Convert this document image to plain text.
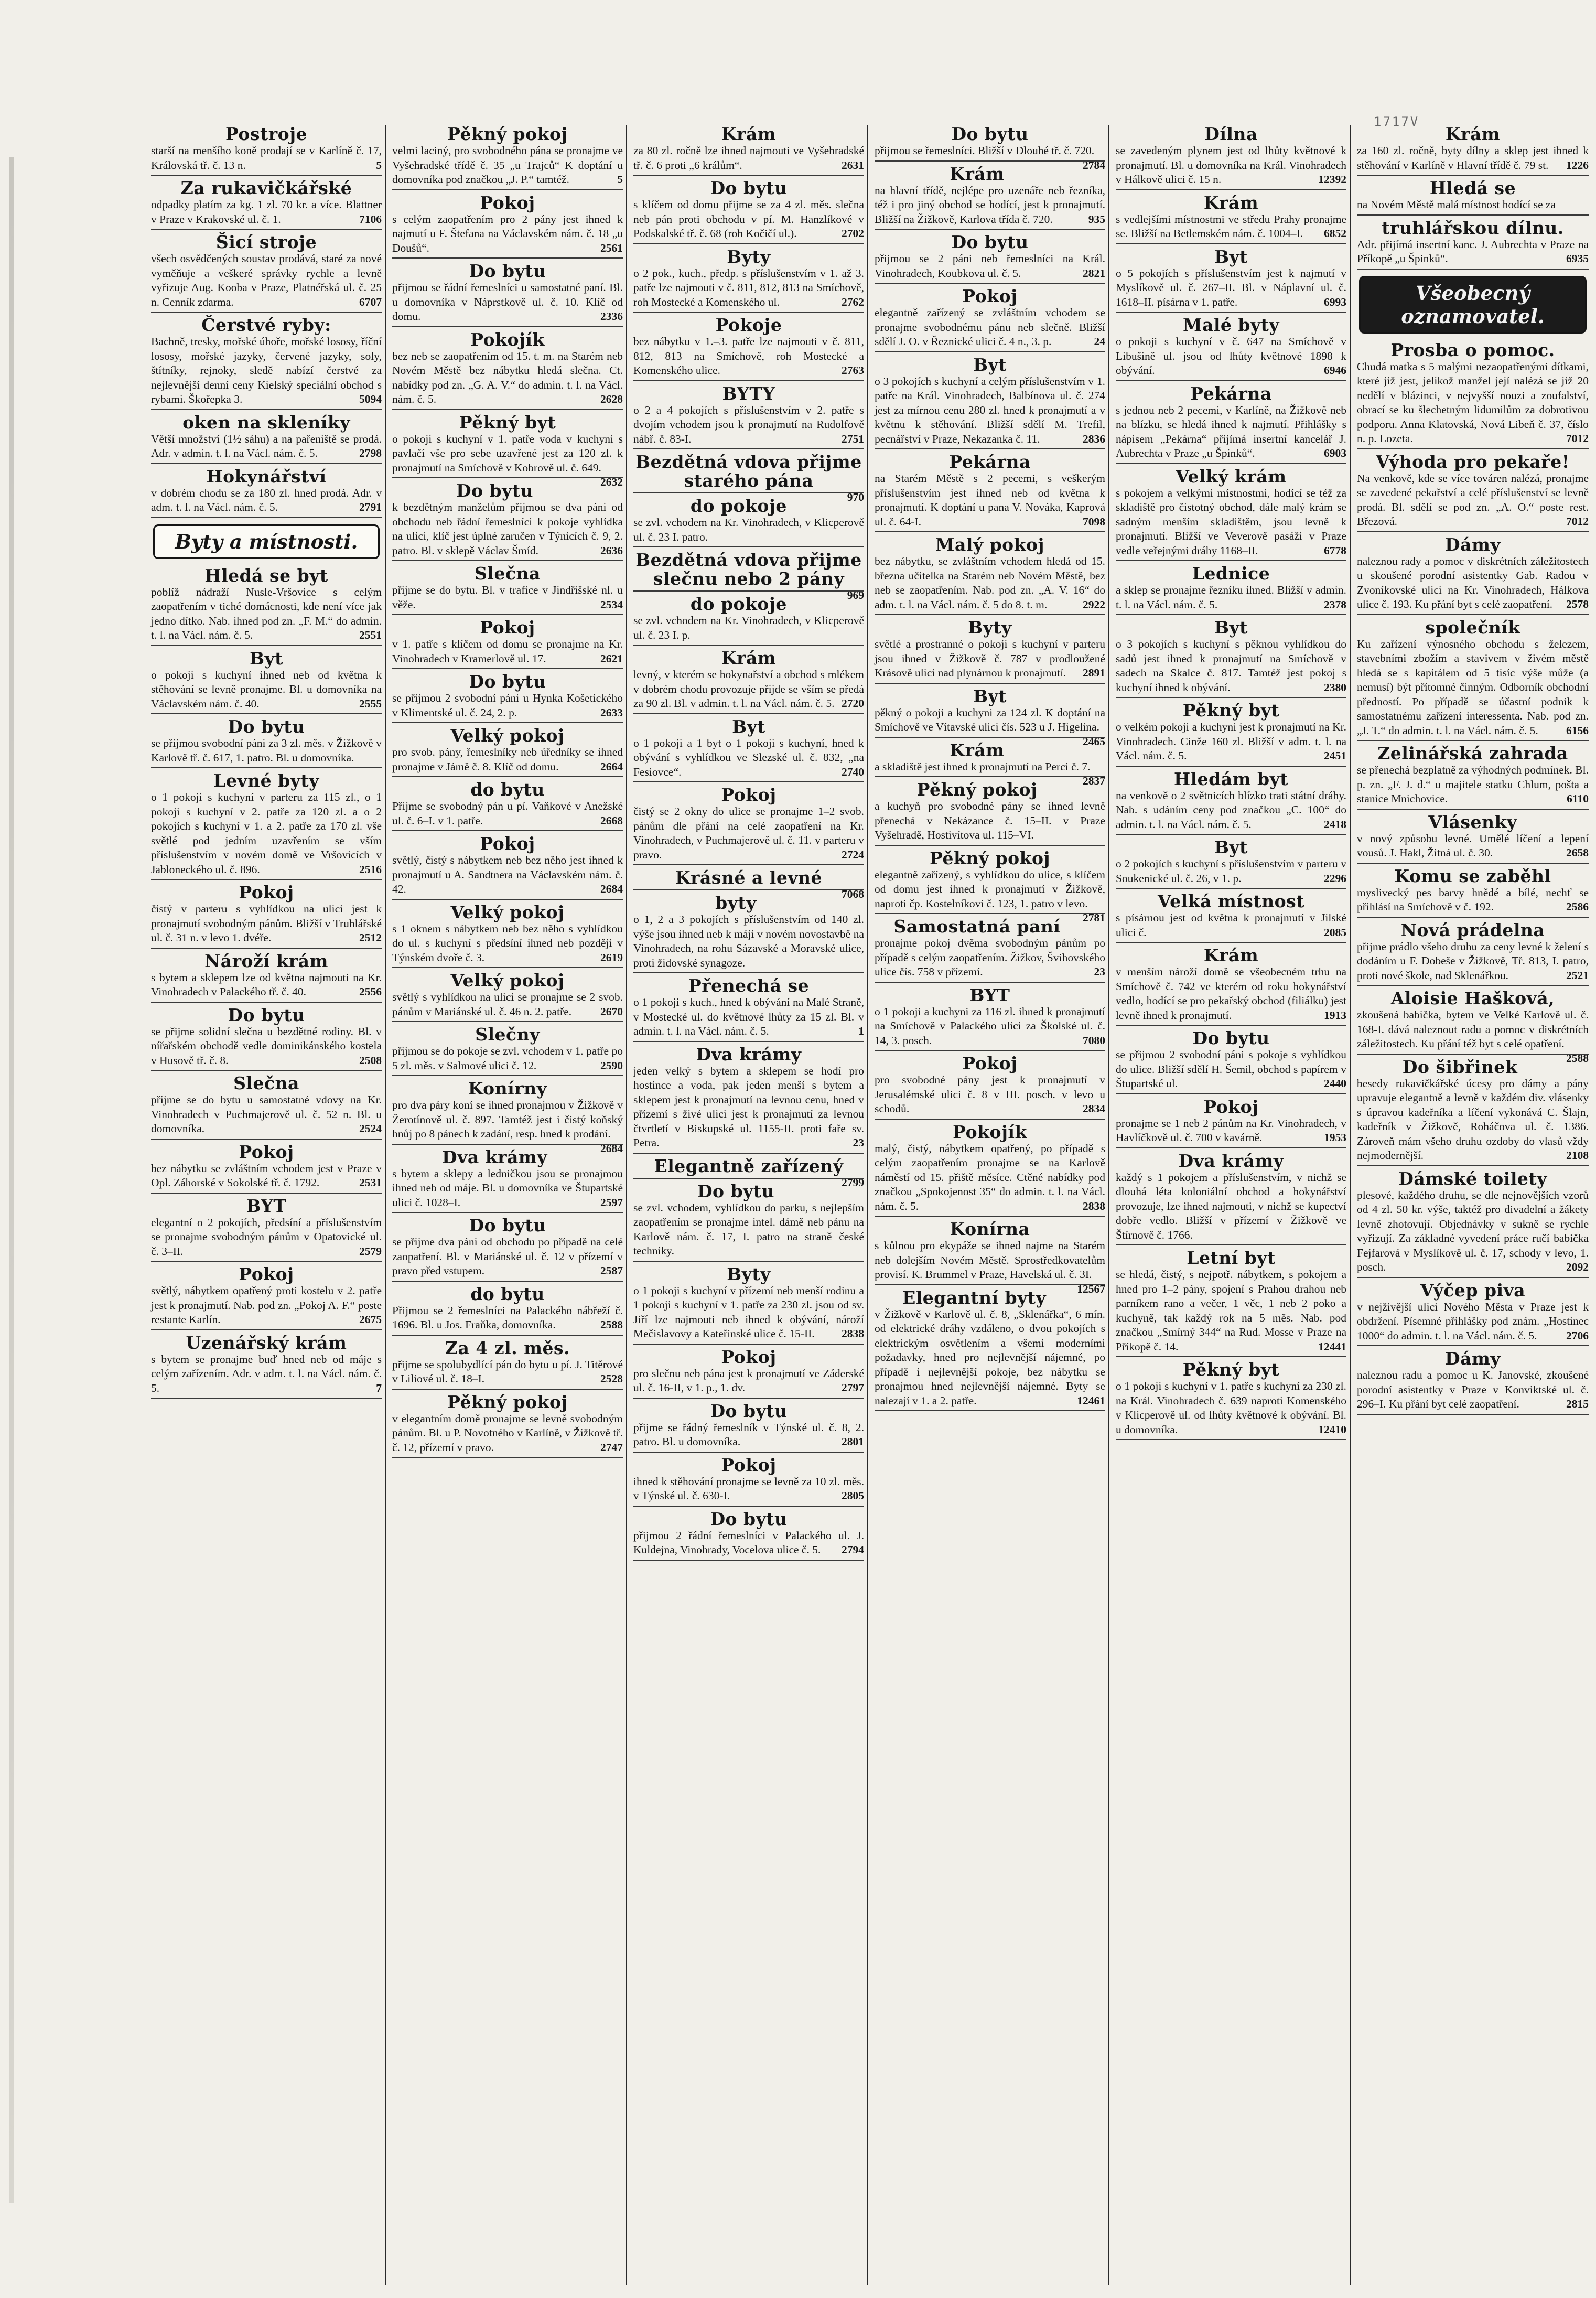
1717V
Postroje

starší na menšího koně prodají se v Karlíně č. 17, Královská tř. č. 13 n.	5

Za rukavičkářské

odpadky platím za kg. 1 zl. 70 kr. a více. Blattner v Praze v Krakovské ul. č. 1.	7106

Šicí stroje

všech osvědčených soustav prodává, staré za nové vyměňuje a veškeré správky rychle a levně vyřizuje Aug. Kooba v Praze, Platnéřská ul. č. 25 n. Cenník zdarma.	6707

Čerstvé ryby:

Bachně, tresky, mořské úhoře, mořské lososy, říční lososy, mořské jazyky, červené jazyky, soly, štítníky, rejnoky, sledě nabízí čerstvé za nejlevnější denní ceny Kielský speciální obchod s rybami. Škořepka 3.	5094

oken na skleníky

Větší množství (1½ sáhu) a na pařeniště se prodá. Adr. v admin. t. l. na Václ. nám. č. 5.	2798

Hokynářství

v dobrém chodu se za 180 zl. hned prodá. Adr. v adm. t. l. na Václ. nám. č. 5.	2791

Byty a místnosti.
Hledá se byt

poblíž nádraží Nusle-Vršovice s celým zaopatřením v tiché domácnosti, kde není více jak jedno dítko. Nab. ihned pod zn. „F. M.“ do admin. t. l. na Václ. nám. č. 5.	2551

Byt

o pokoji s kuchyní ihned neb od května k stěhování se levně pronajme. Bl. u domovníka na Václavském nám. č. 40.	2555

Do bytu

se přijmou svobodní páni za 3 zl. měs. v Žižkově v Karlově tř. č. 617, 1. patro. Bl. u domovníka.

Levné byty

o 1 pokoji s kuchyní v parteru za 115 zl., o 1 pokoji s kuchyní v 2. patře za 120 zl. a o 2 pokojích s kuchyní v 1. a 2. patře za 170 zl. vše světlé pod jedním uzavřením se vším příslušenstvím v novém domě ve Vršovicích v Jabloneckého ul. č. 896.	2516

Pokoj

čistý v parteru s vyhlídkou na ulici jest k pronajmutí svobodným pánům. Bližší v Truhlářské ul. č. 31 n. v levo 1. dvéře.	2512

Nároží krám

s bytem a sklepem lze od května najmouti na Kr. Vinohradech v Palackého tř. č. 40.	2556

Do bytu

se přijme solidní slečna u bezdětné rodiny. Bl. v nířařském obchodě vedle dominikánského kostela v Husově tř. č. 8.	2508

Slečna

přijme se do bytu u samostatné vdovy na Kr. Vinohradech v Puchmajerově ul. č. 52 n. Bl. u domovníka.	2524

Pokoj

bez nábytku se zvláštním vchodem jest v Praze v Opl. Záhorské v Sokolské tř. č. 1792.	2531

BYT

elegantní o 2 pokojích, předsíní a příslušenstvím se pronajme svobodným pánům v Opatovické ul. č. 3–II.	2579

Pokoj

světlý, nábytkem opatřený proti kostelu v 2. patře jest k pronajmutí. Nab. pod zn. „Pokoj A. F.“ poste restante Karlín.	2675

Uzenářský krám

s bytem se pronajme buď hned neb od máje s celým zařízením. Adr. v adm. t. l. na Václ. nám. č. 5.	7

Pěkný pokoj

velmi laciný, pro svobodného pána se pronajme ve Vyšehradské třídě č. 35 „u Trajců“ K doptání u domovníka pod značkou „J. P.“ tamtéž.	5

Pokoj

s celým zaopatřením pro 2 pány jest ihned k najmutí u F. Štefana na Václavském nám. č. 18 „u Doušů“.	2561

Do bytu

přijmou se řádní řemeslníci u samostatné paní. Bl. u domovníka v Náprstkově ul. č. 10. Klíč od domu.	2336

Pokojík

bez neb se zaopatřením od 15. t. m. na Starém neb Novém Městě bez nábytku hledá slečna. Ct. nabídky pod zn. „G. A. V.“ do admin. t. l. na Václ. nám. č. 5.	2628

Pěkný byt

o pokoji s kuchyní v 1. patře voda v kuchyni s pavlačí vše pro sebe uzavřené jest za 120 zl. k pronajmutí na Smíchově v Kobrově ul. č. 649.
2632

Do bytu

k bezdětným manželům přijmou se dva páni od obchodu neb řádní řemeslníci k pokoje vyhlídka na ulici, klíč jest úplné zaručen v Týnicích č. 9, 2. patro. Bl. v sklepě Václav Šmíd.	2636

Slečna

přijme se do bytu. Bl. v trafice v Jindřišské nl. u věže.	2534

Pokoj

v 1. patře s klíčem od domu se pronajme na Kr. Vinohradech v Kramerlově ul. 17.	2621

Do bytu

se přijmou 2 svobodní páni u Hynka Košetického v Klimentské ul. č. 24, 2. p.	2633

Velký pokoj

pro svob. pány, řemeslníky neb úředníky se ihned pronajme v Jámě č. 8. Klíč od domu.	2664

do bytu

Přijme se svobodný pán u pí. Vaňkové v Anežské ul. č. 6–I. v 1. patře.	2668

Pokoj

světlý, čistý s nábytkem neb bez něho jest ihned k pronajmutí u A. Sandtnera na Václavském nám. č. 42.	2684

Velký pokoj

s 1 oknem s nábytkem neb bez něho s vyhlídkou do ul. s kuchyní s předsíní ihned neb později v Týnském dvoře č. 3.	2619

Velký pokoj

světlý s vyhlídkou na ulici se pronajme se 2 svob. pánům v Mariánské ul. č. 46 n. 2. patře.	2670

Slečny

přijmou se do pokoje se zvl. vchodem v 1. patře po 5 zl. měs. v Salmové ulici č. 12.	2590

Konírny

pro dva páry koní se ihned pronajmou v Žižkově v Žerotínově ul. č. 897. Tamtéž jest i čistý koňský hnůj po 8 pánech k zadání, resp. hned k prodání.
2684

Dva krámy

s bytem a sklepy a ledničkou jsou se pronajmou ihned neb od máje. Bl. u domovníka ve Štupartské ulici č. 1028–I.	2597

Do bytu

se přijme dva páni od obchodu po případě na celé zaopatření. Bl. v Mariánské ul. č. 12 v přízemí v pravo před vstupem.	2587

do bytu

Přijmou se 2 řemeslníci na Palackého nábřeží č. 1696. Bl. u Jos. Fraňka, domovníka.	2588

Za 4 zl. měs.

přijme se spolubydlící pán do bytu u pí. J. Titěrové v Liliové ul. č. 18–I.	2528

Pěkný pokoj

v elegantním domě pronajme se levně svobodným pánům. Bl. u P. Novotného v Karlíně, v Žižkově tř. č. 12, přízemí v pravo.	2747

Krám

za 80 zl. ročně lze ihned najmouti ve Vyšehradské tř. č. 6 proti „6 králům“.	2631

Do bytu

s klíčem od domu přijme se za 4 zl. měs. slečna neb pán proti obchodu v pí. M. Hanzlíkové v Podskalské tř. č. 68 (roh Kočičí ul.).	2702

Byty

o 2 pok., kuch., předp. s příslušenstvím v 1. až 3. patře lze najmouti v č. 811, 812, 813 na Smíchově, roh Mostecké a Komenského ul.	2762

Pokoje

bez nábytku v 1.–3. patře lze najmouti v č. 811, 812, 813 na Smíchově, roh Mostecké a Komenského ulice.	2763

BYTY

o 2 a 4 pokojích s příslušenstvím v 2. patře s dvojím vchodem jsou k pronajmutí na Rudolfově nábř. č. 83-I.	2751

Bezdětná vdova přijme starého pána

970

do pokoje

se zvl. vchodem na Kr. Vinohradech, v Klicperově ul. č. 23 I. patro.

Bezdětná vdova přijme slečnu nebo 2 pány

969

do pokoje

se zvl. vchodem na Kr. Vinohradech, v Klicperově ul. č. 23 I. p.

Krám

levný, v kterém se hokynařství a obchod s mlékem v dobrém chodu provozuje přijde se vším se předá za 90 zl. Bl. v admin. t. l. na Václ. nám. č. 5. 2720

Byt

o 1 pokoji a 1 byt o 1 pokoji s kuchyní, hned k obývání s vyhlídkou ve Slezské ul. č. 832, „na Fesiovce“.	2740

Pokoj

čistý se 2 okny do ulice se pronajme 1–2 svob. pánům dle přání na celé zaopatření na Kr. Vinohradech, v Puchmajerově ul. č. 11. v parteru v pravo.	2724

Krásné a levné

7068

byty

o 1, 2 a 3 pokojích s příslušenstvím od 140 zl. výše jsou ihned neb k máji v novém novostavbě na Vinohradech, na rohu Sázavské a Moravské ulice, proti židovské synagoze.

Přenechá se

o 1 pokoji s kuch., hned k obývání na Malé Straně, v Mostecké ul. do květnové lhůty za 15 zl. Bl. v admin. t. l. na Václ. nám. č. 5.	1

Dva krámy

jeden velký s bytem a sklepem se hodí pro hostince a voda, pak jeden menší s bytem a sklepem jest k pronajmutí na levnou cenu, hned v přízemí s živé ulici jest k pronajmutí za levnou čtvrtletí v Biskupské ul. 1155-II. proti faře sv. Petra.	23

Elegantně zařízený

2799

Do bytu

se zvl. vchodem, vyhlídkou do parku, s nejlepším zaopatřením se pronajme intel. dámě neb pánu na Karlově nám. č. 17, I. patro na straně české techniky.

Byty

o 1 pokoji s kuchyní v přízemí neb menší rodinu a 1 pokoji s kuchyní v 1. patře za 230 zl. jsou od sv. Jiří lze najmouti neb ihned k obývání, nároží Mečislavovy a Kateřinské ulice č. 15-II. 2838

Pokoj

pro slečnu neb pána jest k pronajmutí ve Záderské ul. č. 16-II, v 1. p., 1. dv.	2797

Do bytu

přijme se řádný řemeslník v Týnské ul. č. 8, 2. patro. Bl. u domovníka.	2801

Pokoj

ihned k stěhování pronajme se levně za 10 zl. měs. v Týnské ul. č. 630-I.	2805

Do bytu

přijmou 2 řádní řemeslníci v Palackého ul. J. Kuldejna, Vinohrady, Vocelova ulice č. 5. 2794

Do bytu

přijmou se řemeslníci. Bližší v Dlouhé tř. č. 720.
2784

Krám

na hlavní třídě, nejlépe pro uzenáře neb řezníka, též i pro jiný obchod se hodící, jest k pronajmutí. Bližší na Žižkově, Karlova třída č. 720.	935

Do bytu

přijmou se 2 páni neb řemeslníci na Král. Vinohradech, Koubkova ul. č. 5.	2821

Pokoj

elegantně zařízený se zvláštním vchodem se pronajme svobodnému pánu neb slečně. Bližší sdělí J. O. v Řeznické ulici č. 4 n., 3. p.	24

Byt

o 3 pokojích s kuchyní a celým příslušenstvím v 1. patře na Král. Vinohradech, Balbínova ul. č. 274 jest za mírnou cenu 280 zl. hned k pronajmutí a v květnu k stěhování. Bližší sdělí M. Trefil, pecnářství v Praze, Nekazanka č. 11.	2836

Pekárna

na Starém Městě s 2 pecemi, s veškerým příslušenstvím jest ihned neb od května k pronajmutí. K doptání u pana V. Nováka, Kaprová ul. č. 64-I.	7098

Malý pokoj

bez nábytku, se zvláštním vchodem hledá od 15. března učitelka na Starém neb Novém Městě, bez neb se zaopatřením. Nab. pod zn. „A. V. 16“ do adm. t. l. na Václ. nám. č. 5 do 8. t. m.	2922

Byty

světlé a prostranné o pokoji s kuchyní v parteru jsou ihned v Žižkově č. 787 v prodloužené Krásově ulici nad plynárnou k pronajmutí. 2891

Byt

pěkný o pokoji a kuchyni za 124 zl. K doptání na Smíchově ve Vítavské ulici čís. 523 u J. Higelina.
2465

Krám

a skladiště jest ihned k pronajmutí na Perci č. 7.
2837

Pěkný pokoj

a kuchyň pro svobodné pány se ihned levně přenechá v Nekázance č. 15–II. v Praze Vyšehradě, Hostivítova ul. 115–VI.

Pěkný pokoj

elegantně zařízený, s vyhlídkou do ulice, s klíčem od domu jest ihned k pronajmutí v Žižkově, naproti čp. Kostelníkovi č. 123, 1. patro v levo.
2781

Samostatná paní

pronajme pokoj dvěma svobodným pánům po případě s celým zaopatřením. Žižkov, Švihovského ulice čís. 758 v přízemí.	23

BYT

o 1 pokoji a kuchyni za 116 zl. ihned k pronajmutí na Smíchově v Palackého ulici za Školské ul. č. 14, 3. posch.	7080

Pokoj

pro svobodné pány jest k pronajmutí v Jerusalémské ulici č. 8 v III. posch. v levo u schodů.	2834

Pokojík

malý, čistý, nábytkem opatřený, po případě s celým zaopatřením pronajme se na Karlově náměstí od 15. přiště měsíce. Ctěné nabídky pod značkou „Spokojenost 35“ do admin. t. l. na Václ. nám. č. 5.	2838

Konírna

s kůlnou pro ekypáže se ihned najme na Starém neb dolejším Novém Městě. Sprostředkovatelům provisí. K. Brummel v Praze, Havelská ul. č. 3I.
12567

Elegantní byty

v Žižkově v Karlově ul. č. 8, „Sklenářka“, 6 mín. od elektrické dráhy vzdáleno, o dvou pokojích s elektrickým osvětlením a všemi moderními požadavky, hned pro nejlevnější nájemné, po případě i nejlevnější pokoje, bez nábytku se pronajmou hned nejlevnější nájemné. Byty se nalezají v 1. a 2. patře.	12461

Dílna

se zavedeným plynem jest od lhůty květnové k pronajmutí. Bl. u domovníka na Král. Vinohradech v Hálkově ulici č. 15 n.	12392

Krám

s vedlejšími místnostmi ve středu Prahy pronajme se. Bližší na Betlemském nám. č. 1004–I. 6852

Byt

o 5 pokojích s příslušenstvím jest k najmutí v Myslíkově ul. č. 267–II. Bl. v Náplavní ul. č. 1618–II. písárna v 1. patře.	6993

Malé byty

o pokoji s kuchyní v č. 647 na Smíchově v Libušině ul. jsou od lhůty květnové 1898 k obývání.	6946

Pekárna

s jednou neb 2 pecemi, v Karlíně, na Žižkově neb na blízku, se hledá ihned k najmutí. Přihlášky s nápisem „Pekárna“ přijímá insertní kancelář J. Aubrechta v Praze „u Špinků“.	6903

Velký krám

s pokojem a velkými místnostmi, hodící se též za skladiště pro čistotný obchod, dále malý krám se sadným menším skladištěm, jsou levně k pronajmutí. Bližší ve Veverově pasáži v Praze vedle veřejnými dráhy 1168–II.	6778

Lednice

a sklep se pronajme řezníku ihned. Bližší v admin. t. l. na Václ. nám. č. 5.	2378

Byt

o 3 pokojích s kuchyní s pěknou vyhlídkou do sadů jest ihned k pronajmutí na Smíchově v sadech na Skalce č. 817. Tamtéž jest pokoj s kuchyní ihned k obývání.	2380

Pěkný byt

o velkém pokoji a kuchyni jest k pronajmutí na Kr. Vinohradech. Cinže 160 zl. Bližší v adm. t. l. na Václ. nám. č. 5.	2451

Hledám byt

na venkově o 2 světnicích blízko trati státní dráhy. Nab. s udáním ceny pod značkou „C. 100“ do admin. t. l. na Václ. nám. č. 5.	2418

Byt

o 2 pokojích s kuchyní s příslušenstvím v parteru v Soukenické ul. č. 26, v 1. p.	2296

Velká místnost

s písárnou jest od května k pronajmutí v Jilské ulici č.	2085

Krám

v menším nároží domě se všeobecném trhu na Smíchově č. 742 ve kterém od roku hokynářství vedlo, hodící se pro pekařský obchod (filiálku) jest levně ihned k pronajmutí.	1913

Do bytu

se přijmou 2 svobodní páni s pokoje s vyhlídkou do ulice. Bližší sdělí H. Šemil, obchod s papírem v Štupartské ul.	2440

Pokoj

pronajme se 1 neb 2 pánům na Kr. Vinohradech, v Havlíčkově ul. č. 700 v kavárně.	1953

Dva krámy

každý s 1 pokojem a příslušenstvím, v nichž se dlouhá léta koloniální obchod a hokynářství provozuje, lze ihned najmouti, v nichž se kupectví dobře vedlo. Bližší v přízemí v Žižkově ve Štírnově č. 1766.

Letní byt

se hledá, čistý, s nejpotř. nábytkem, s pokojem a hned pro 1–2 pány, spojení s Prahou drahou neb parníkem rano a večer, 1 věc, 1 neb 2 poko a kuchyně, tak každý rok na 5 měs. Nab. pod značkou „Smírný 344“ na Rud. Mosse v Praze na Příkopě č. 14.	12441

Pěkný byt

o 1 pokoji s kuchyní v 1. patře s kuchyní za 230 zl. na Král. Vinohradech č. 639 naproti Komenského v Klicperově ul. od lhůty květnové k obývání. Bl. u domovníka.	12410

Krám

za 160 zl. ročně, byty dílny a sklep jest ihned k stěhování v Karlíně v Hlavní třídě č. 79 st. 1226

Hledá se

na Novém Městě malá místnost hodící se za

truhlářskou dílnu.

Adr. přijímá insertní kanc. J. Aubrechta v Praze na Příkopě „u Špinků“.	6935

Všeobecný oznamovatel.
Prosba o pomoc.

Chudá matka s 5 malými nezaopatřenými dítkami, které již jest, jelikož manžel její nalézá se již 20 nedělí v blázinci, v nejvyšší nouzi a zoufalství, obrací se ku šlechetným lidumilům za dobrotivou podporu. Anna Klatovská, Nová Libeň č. 37, číslo n. p. Lozeta.	7012

Výhoda pro pekaře!

Na venkově, kde se více továren nalézá, pronajme se zavedené pekařství a celé příslušenství se levně prodá. Bl. sdělí se pod zn. „A. O.“ poste rest. Březová.	7012

Dámy

naleznou rady a pomoc v diskrétních záležitostech u skoušené porodní asistentky Gab. Radou v Zvoníkovské ulici na Kr. Vinohradech, Hálkova ulice č. 193. Ku přání byt s celé zaopatření. 2578

společník

Ku zařízení výnosného obchodu s železem, stavebními zbožím a stavivem v živém městě hledá se s kapitálem od 5 tisíc výše může (a nemusí) být přítomné činným. Odborník obchodní předností. Po případě se účastní podnik k samostatnému zařízení interessenta. Nab. pod zn. „J. T.“ do admin. t. l. na Václ. nám. č. 5. 6156

Zelinářská zahrada

se přenechá bezplatně za výhodných podmínek. Bl. p. zn. „F. J. d.“ u majitele statku Chlum, pošta a stanice Mnichovice.	6110

Vlásenky

v nový způsobu levné. Umělé líčení a lepení vousů. J. Hakl, Žitná ul. č. 30.	2658

Komu se zaběhl

myslivecký pes barvy hnědé a bílé, nechť se přihlásí na Smíchově v č. 192.	2586

Nová prádelna

přijme prádlo všeho druhu za ceny levné k želení s dodáním u F. Dobeše v Žižkově, Tř. 813, I. patro, proti nové škole, nad Sklenářkou.	2521

Aloisie Hašková,

zkoušená babička, bytem ve Velké Karlově ul. č. 168-I. dává naleznout radu a pomoc v diskrétních záležitostech. Ku přání též byt s celé opatření.
2588

Do šibřinek

besedy rukavičkářské úcesy pro dámy a pány upravuje elegantně a levně v každém div. vlásenky s úpravou kadeřníka a líčení vykonává C. Šlajn, kadeřník v Žižkově, Roháčova ul. č. 1386. Zároveň mám všeho druhu ozdoby do vlasů vždy nejmodernější.	2108

Dámské toilety

plesové, každého druhu, se dle nejnovějších vzorů od 4 zl. 50 kr. výše, taktéž pro divadelní a žákety levně zhotovují. Objednávky v sukně se rychle vyřizují. Za základné vyvedení práce ručí babička Fejfarová v Myslíkově ul. č. 17, schody v levo, 1. posch.	2092

Výčep piva

v nejživější ulici Nového Města v Praze jest k obdržení. Písemné přihlášky pod znám. „Hostinec 1000“ do admin. t. l. na Václ. nám. č. 5.	2706

Dámy

naleznou radu a pomoc u K. Janovské, zkoušené porodní asistentky v Praze v Konviktské ul. č. 296–I. Ku přání byt celé zaopatření.	2815
